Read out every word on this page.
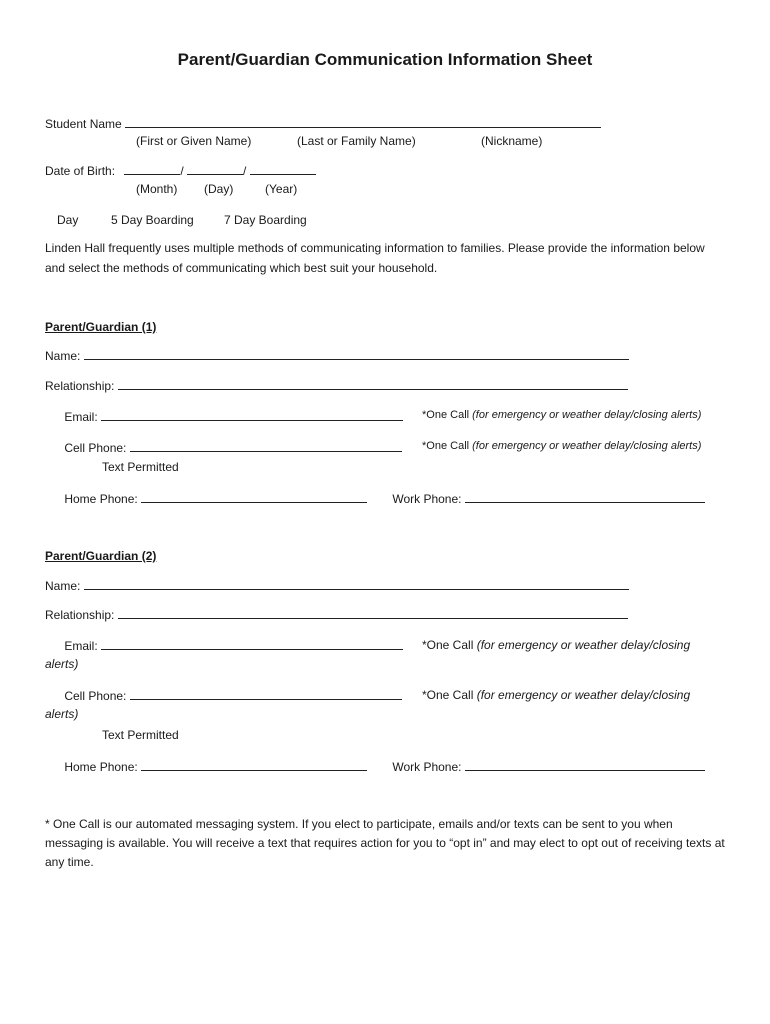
Parent/Guardian Communication Information Sheet
Student Name
(First or Given Name)	(Last or Family Name)	(Nickname)
Date of Birth:	/	/
(Month) (Day)	(Year)
Day	5 Day Boarding	7 Day Boarding
Linden Hall frequently uses multiple methods of communicating information to families. Please provide the information below and select the methods of communicating which best suit your household.
Parent/Guardian (1)
Name:
Relationship:
Email:	*One Call (for emergency or weather delay/closing alerts)
Cell Phone:	*One Call (for emergency or weather delay/closing alerts)
Text Permitted
Home Phone:	Work Phone:
Parent/Guardian (2)
Name:
Relationship:
Email:	*One Call (for emergency or weather delay/closing
alerts)
Cell Phone:	*One Call (for emergency or weather delay/closing
alerts)
Text Permitted
Home Phone:	Work Phone:
* One Call is our automated messaging system. If you elect to participate, emails and/or texts can be sent to you when messaging is available. You will receive a text that requires action for you to “opt in” and may elect to opt out of receiving texts at any time.
